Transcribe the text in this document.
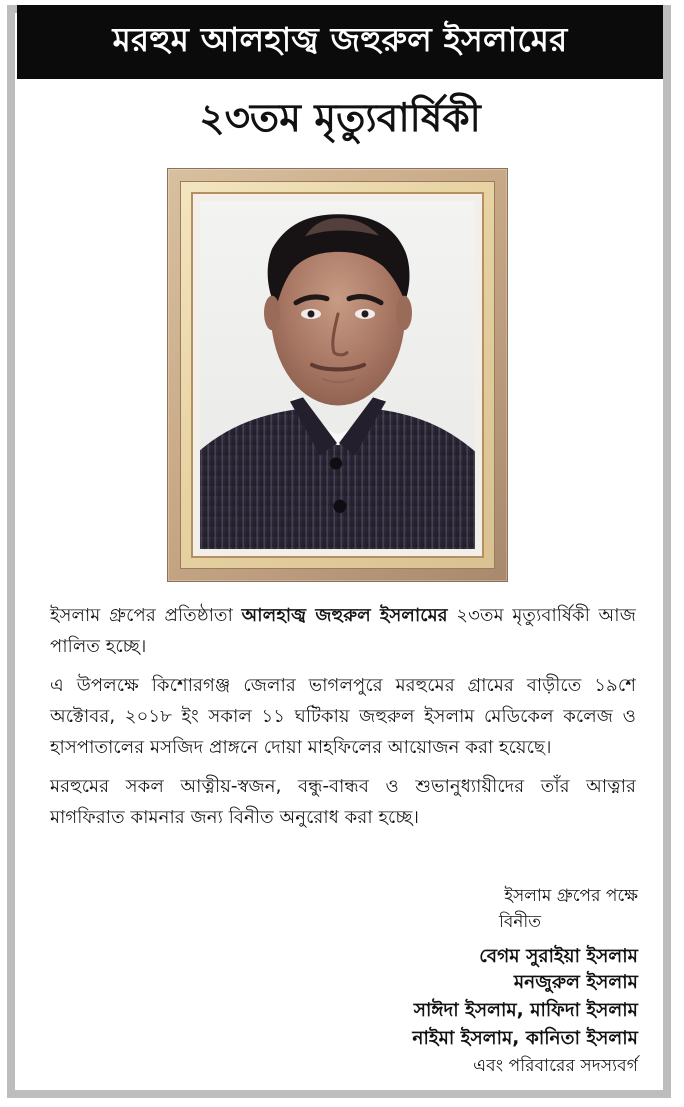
মরহুম আলহাজ্ব জহুরুল ইসলামের
২৩তম মৃত্যুবার্ষিকী

ইসলাম গ্রুপের প্রতিষ্ঠাতা আলহাজ্ব জহুরুল ইসলামের ২৩তম মৃত্যুবার্ষিকী আজ পালিত হচ্ছে।

এ উপলক্ষে কিশোরগঞ্জ জেলার ভাগলপুরে মরহুমের গ্রামের বাড়ীতে ১৯শে অক্টোবর, ২০১৮ ইং সকাল ১১ ঘটিকায় জহুরুল ইসলাম মেডিকেল কলেজ ও হাসপাতালের মসজিদ প্রাঙ্গনে দোয়া মাহফিলের আয়োজন করা হয়েছে।

মরহুমের সকল আত্নীয়-স্বজন, বন্ধু-বান্ধব ও শুভানুধ্যায়ীদের তাঁর আত্নার মাগফিরাত কামনার জন্য বিনীত অনুরোধ করা হচ্ছে।

ইসলাম গ্রুপের পক্ষে
বিনীত
বেগম সুরাইয়া ইসলাম
মনজুরুল ইসলাম
সাঈদা ইসলাম, মাফিদা ইসলাম
নাইমা ইসলাম, কানিতা ইসলাম
এবং পরিবারের সদস্যবর্গ
